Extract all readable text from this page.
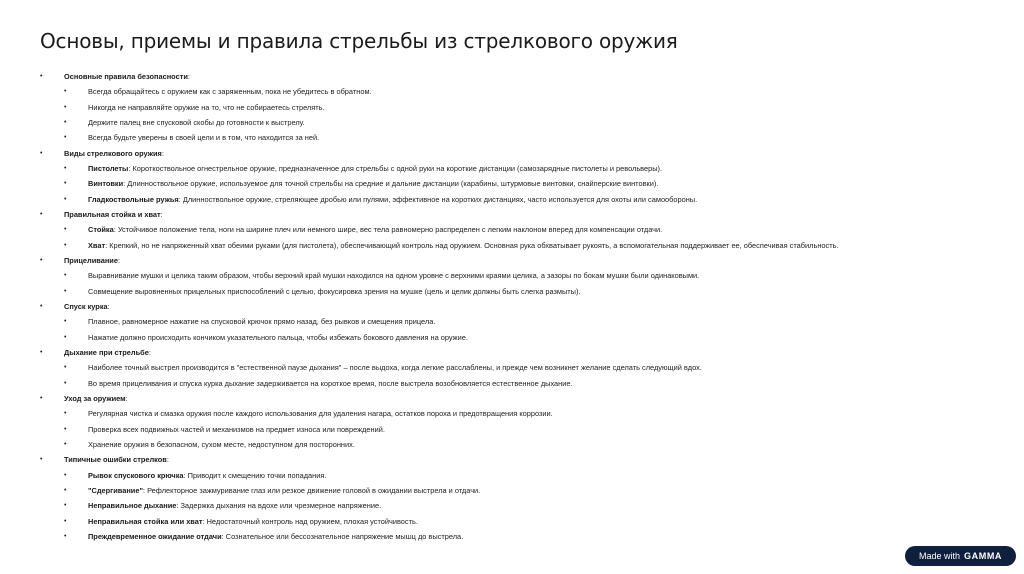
Основы, приемы и правила стрельбы из стрелкового оружия
•	Основные правила безопасности:
•	Всегда обращайтесь с оружием как с заряженным, пока не убедитесь в обратном.
•	Никогда не направляйте оружие на то, что не собираетесь стрелять.
•	Держите палец вне спусковой скобы до готовности к выстрелу.
•	Всегда будьте уверены в своей цели и в том, что находится за ней.
•	Виды стрелкового оружия:
•	Пистолеты: Короткоствольное огнестрельное оружие, предназначенное для стрельбы с одной руки на короткие дистанции (самозарядные пистолеты и револьверы).
•	Винтовки: Длинноствольное оружие, используемое для точной стрельбы на средние и дальние дистанции (карабины, штурмовые винтовки, снайперские винтовки).
•	Гладкоствольные ружья: Длинноствольное оружие, стреляющее дробью или пулями, эффективное на коротких дистанциях, часто используется для охоты или самообороны.
•	Правильная стойка и хват:
•	Стойка: Устойчивое положение тела, ноги на ширине плеч или немного шире, вес тела равномерно распределен с легким наклоном вперед для компенсации отдачи.
•	Хват: Крепкий, но не напряженный хват обеими руками (для пистолета), обеспечивающий контроль над оружием. Основная рука обхватывает рукоять, а вспомогательная поддерживает ее, обеспечивая стабильность.
•	Прицеливание:
•	Выравнивание мушки и целика таким образом, чтобы верхний край мушки находился на одном уровне с верхними краями целика, а зазоры по бокам мушки были одинаковыми.
•	Совмещение выровненных прицельных приспособлений с целью, фокусировка зрения на мушке (цель и целик должны быть слегка размыты).
•	Спуск курка:
•	Плавное, равномерное нажатие на спусковой крючок прямо назад, без рывков и смещения прицела.
•	Нажатие должно происходить кончиком указательного пальца, чтобы избежать бокового давления на оружие.
•	Дыхание при стрельбе:
•	Наиболее точный выстрел производится в "естественной паузе дыхания" – после выдоха, когда легкие расслаблены, и прежде чем возникнет желание сделать следующий вдох.
•	Во время прицеливания и спуска курка дыхание задерживается на короткое время, после выстрела возобновляется естественное дыхание.
•	Уход за оружием:
•	Регулярная чистка и смазка оружия после каждого использования для удаления нагара, остатков пороха и предотвращения коррозии.
•	Проверка всех подвижных частей и механизмов на предмет износа или повреждений.
•	Хранение оружия в безопасном, сухом месте, недоступном для посторонних.
•	Типичные ошибки стрелков:
•	Рывок спускового крючка: Приводит к смещению точки попадания.
•	"Сдергивание": Рефлекторное зажмуривание глаз или резкое движение головой в ожидании выстрела и отдачи.
•	Неправильное дыхание: Задержка дыхания на вдохе или чрезмерное напряжение.
•	Неправильная стойка или хват: Недостаточный контроль над оружием, плохая устойчивость.
•	Преждевременное ожидание отдачи: Сознательное или бессознательное напряжение мышц до выстрела.
Made with GAMMA
